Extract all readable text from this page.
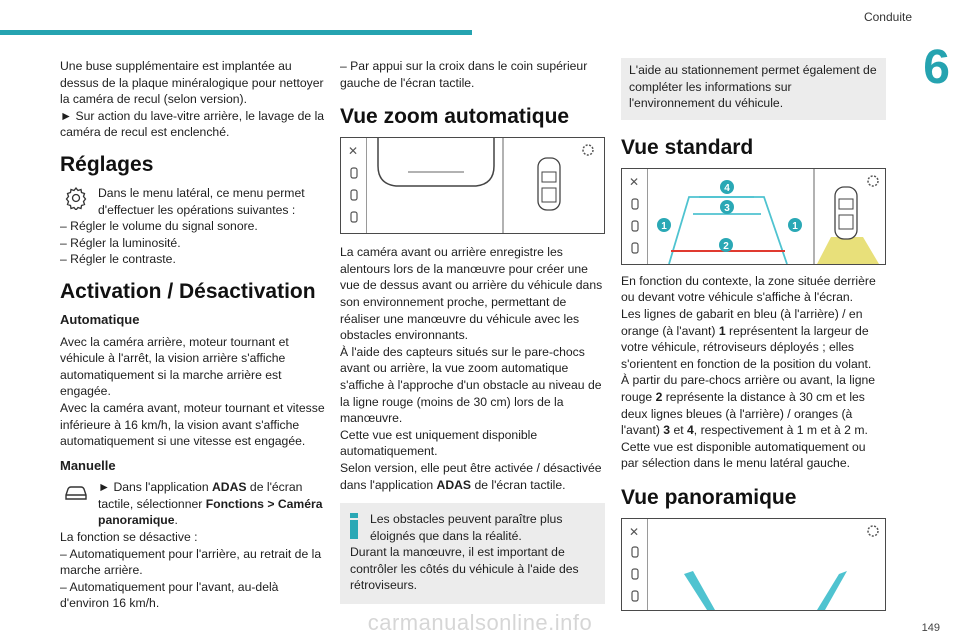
Conduite
6

Une buse supplémentaire est implantée au dessus de la plaque minéralogique pour nettoyer la caméra de recul (selon version).

► Sur action du lave-vitre arrière, le lavage de la caméra de recul est enclenché.

Réglages

Dans le menu latéral, ce menu permet d'effectuer les opérations suivantes :

– Régler le volume du signal sonore.

– Régler la luminosité.

– Régler le contraste.

Activation / Désactivation
Automatique

Avec la caméra arrière, moteur tournant et véhicule à l'arrêt, la vision arrière s'affiche automatiquement si la marche arrière est engagée.

Avec la caméra avant, moteur tournant et vitesse inférieure à 16 km/h, la vision avant s'affiche automatiquement si une vitesse est engagée.

Manuelle

► Dans l'application ADAS de l'écran tactile, sélectionner Fonctions > Caméra panoramique.

La fonction se désactive :

– Automatiquement pour l'arrière, au retrait de la marche arrière.

– Automatiquement pour l'avant, au-delà d'environ 16 km/h.

– Par appui sur la croix dans le coin supérieur gauche de l'écran tactile.

Vue zoom automatique
✕

La caméra avant ou arrière enregistre les alentours lors de la manœuvre pour créer une vue de dessus avant ou arrière du véhicule dans son environnement proche, permettant de réaliser une manœuvre du véhicule avec les obstacles environnants.

À l'aide des capteurs situés sur le pare-chocs avant ou arrière, la vue zoom automatique s'affiche à l'approche d'un obstacle au niveau de la ligne rouge (moins de 30 cm) lors de la manœuvre.

Cette vue est uniquement disponible automatiquement.

Selon version, elle peut être activée / désactivée dans l'application ADAS de l'écran tactile.

Les obstacles peuvent paraître plus éloignés que dans la réalité.

Durant la manœuvre, il est important de contrôler les côtés du véhicule à l'aide des rétroviseurs.

L'aide au stationnement permet également de compléter les informations sur l'environnement du véhicule.

Vue standard
✕	4
3
1	1
2

En fonction du contexte, la zone située derrière ou devant votre véhicule s'affiche à l'écran.

Les lignes de gabarit en bleu (à l'arrière) / en orange (à l'avant) 1 représentent la largeur de votre véhicule, rétroviseurs déployés ; elles s'orientent en fonction de la position du volant.

À partir du pare-chocs arrière ou avant, la ligne rouge 2 représente la distance à 30 cm et les deux lignes bleues (à l'arrière) / oranges (à l'avant) 3 et 4, respectivement à 1 m et à 2 m.

Cette vue est disponible automatiquement ou par sélection dans le menu latéral gauche.

Vue panoramique
✕
carmanualsonline.info	149
